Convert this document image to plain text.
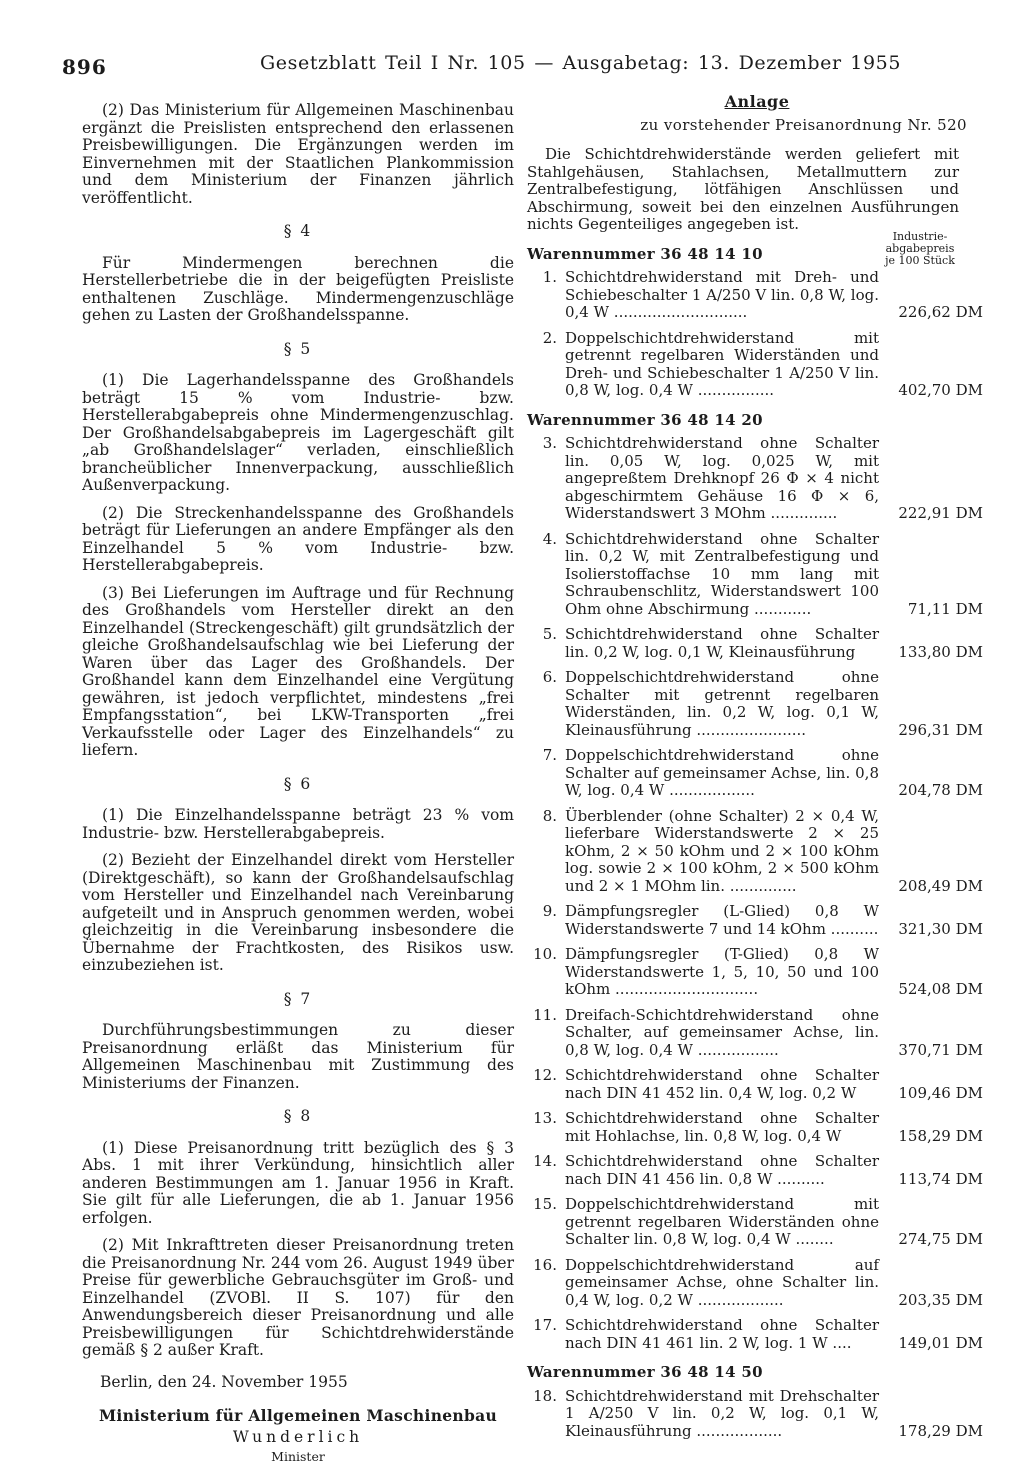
896	Gesetzblatt Teil I Nr. 105 — Ausgabetag: 13. Dezember 1955

(2) Das Ministerium für Allgemeinen Maschinenbau ergänzt die Preislisten entsprechend den erlassenen Preisbewilligungen. Die Ergänzungen werden im Einvernehmen mit der Staatlichen Plankommission und dem Ministerium der Finanzen jährlich veröffentlicht.

§ 4

Für Mindermengen berechnen die Herstellerbetriebe die in der beigefügten Preisliste enthaltenen Zuschläge. Mindermengenzuschläge gehen zu Lasten der Großhandelsspanne.

§ 5

(1) Die Lagerhandelsspanne des Großhandels beträgt 15 % vom Industrie- bzw. Herstellerabgabepreis ohne Mindermengenzuschlag. Der Großhandelsabgabepreis im Lagergeschäft gilt „ab Großhandelslager“ verladen, einschließlich brancheüblicher Innenverpackung, ausschließlich Außenverpackung.

(2) Die Streckenhandelsspanne des Großhandels beträgt für Lieferungen an andere Empfänger als den Einzelhandel 5 % vom Industrie- bzw. Herstellerabgabepreis.

(3) Bei Lieferungen im Auftrage und für Rechnung des Großhandels vom Hersteller direkt an den Einzelhandel (Streckengeschäft) gilt grundsätzlich der gleiche Großhandelsaufschlag wie bei Lieferung der Waren über das Lager des Großhandels. Der Großhandel kann dem Einzelhandel eine Vergütung gewähren, ist jedoch verpflichtet, mindestens „frei Empfangsstation“, bei LKW-Transporten „frei Verkaufsstelle oder Lager des Einzelhandels“ zu liefern.

§ 6

(1) Die Einzelhandelsspanne beträgt 23 % vom Industrie- bzw. Herstellerabgabepreis.

(2) Bezieht der Einzelhandel direkt vom Hersteller (Direktgeschäft), so kann der Großhandelsaufschlag vom Hersteller und Einzelhandel nach Vereinbarung aufgeteilt und in Anspruch genommen werden, wobei gleichzeitig in die Vereinbarung insbesondere die Übernahme der Frachtkosten, des Risikos usw. einzubeziehen ist.

§ 7

Durchführungsbestimmungen zu dieser Preisanordnung erläßt das Ministerium für Allgemeinen Maschinenbau mit Zustimmung des Ministeriums der Finanzen.

§ 8

(1) Diese Preisanordnung tritt bezüglich des § 3 Abs. 1 mit ihrer Verkündung, hinsichtlich aller anderen Bestimmungen am 1. Januar 1956 in Kraft. Sie gilt für alle Lieferungen, die ab 1. Januar 1956 erfolgen.

(2) Mit Inkrafttreten dieser Preisanordnung treten die Preisanordnung Nr. 244 vom 26. August 1949 über Preise für gewerbliche Gebrauchsgüter im Groß- und Einzelhandel (ZVOBl. II S. 107) für den Anwendungsbereich dieser Preisanordnung und alle Preisbewilligungen für Schichtdrehwiderstände gemäß § 2 außer Kraft.

Berlin, den 24. November 1955

Ministerium für Allgemeinen Maschinenbau
Wunderlich
Minister
Anlage
zu vorstehender Preisanordnung Nr. 520

Die Schichtdrehwiderstände werden geliefert mit Stahlgehäusen, Stahlachsen, Metallmuttern zur Zentralbefestigung, lötfähigen Anschlüssen und Abschirmung, soweit bei den einzelnen Ausführungen nichts Gegenteiliges angegeben ist.

Industrie-
abgabepreis
je 100 Stück
Warennummer 36 48 14 10
1. Schichtdrehwiderstand mit Dreh- und Schiebeschalter 1 A/250 V lin. 0,8 W, log. 0,4 W ............................	226,62 DM
2. Doppelschichtdrehwiderstand mit getrennt regelbaren Widerständen und Dreh- und Schiebeschalter 1 A/250 V lin. 0,8 W, log. 0,4 W ................	402,70 DM
Warennummer 36 48 14 20
3. Schichtdrehwiderstand ohne Schalter lin. 0,05 W, log. 0,025 W, mit angepreßtem Drehknopf 26 Φ × 4 nicht abgeschirmtem Gehäuse 16 Φ × 6, Widerstandswert 3 MOhm ..............	222,91 DM
4. Schichtdrehwiderstand ohne Schalter lin. 0,2 W, mit Zentralbefestigung und Isolierstoffachse 10 mm lang mit Schraubenschlitz, Widerstandswert 100 Ohm ohne Abschirmung ............	71,11 DM
5. Schichtdrehwiderstand ohne Schalter lin. 0,2 W, log. 0,1 W, Kleinausführung	133,80 DM
6. Doppelschichtdrehwiderstand ohne Schalter mit getrennt regelbaren Widerständen, lin. 0,2 W, log. 0,1 W, Kleinausführung .......................	296,31 DM
7. Doppelschichtdrehwiderstand ohne Schalter auf gemeinsamer Achse, lin. 0,8 W, log. 0,4 W ..................	204,78 DM
8. Überblender (ohne Schalter) 2 × 0,4 W, lieferbare Widerstandswerte 2 × 25 kOhm, 2 × 50 kOhm und 2 × 100 kOhm log. sowie 2 × 100 kOhm, 2 × 500 kOhm und 2 × 1 MOhm lin. ..............	208,49 DM
9. Dämpfungsregler (L-Glied) 0,8 W Widerstandswerte 7 und 14 kOhm ..........	321,30 DM
10. Dämpfungsregler (T-Glied) 0,8 W Widerstandswerte 1, 5, 10, 50 und 100 kOhm ..............................	524,08 DM
11. Dreifach-Schichtdrehwiderstand ohne Schalter, auf gemeinsamer Achse, lin. 0,8 W, log. 0,4 W .................	370,71 DM
12. Schichtdrehwiderstand ohne Schalter nach DIN 41 452 lin. 0,4 W, log. 0,2 W	109,46 DM
13. Schichtdrehwiderstand ohne Schalter mit Hohlachse, lin. 0,8 W, log. 0,4 W	158,29 DM
14. Schichtdrehwiderstand ohne Schalter nach DIN 41 456 lin. 0,8 W ..........	113,74 DM
15. Doppelschichtdrehwiderstand mit getrennt regelbaren Widerständen ohne Schalter lin. 0,8 W, log. 0,4 W ........	274,75 DM
16. Doppelschichtdrehwiderstand auf gemeinsamer Achse, ohne Schalter lin. 0,4 W, log. 0,2 W ..................	203,35 DM
17. Schichtdrehwiderstand ohne Schalter nach DIN 41 461 lin. 2 W, log. 1 W ....	149,01 DM
Warennummer 36 48 14 50
18. Schichtdrehwiderstand mit Drehschalter 1 A/250 V lin. 0,2 W, log. 0,1 W, Kleinausführung ..................	178,29 DM
